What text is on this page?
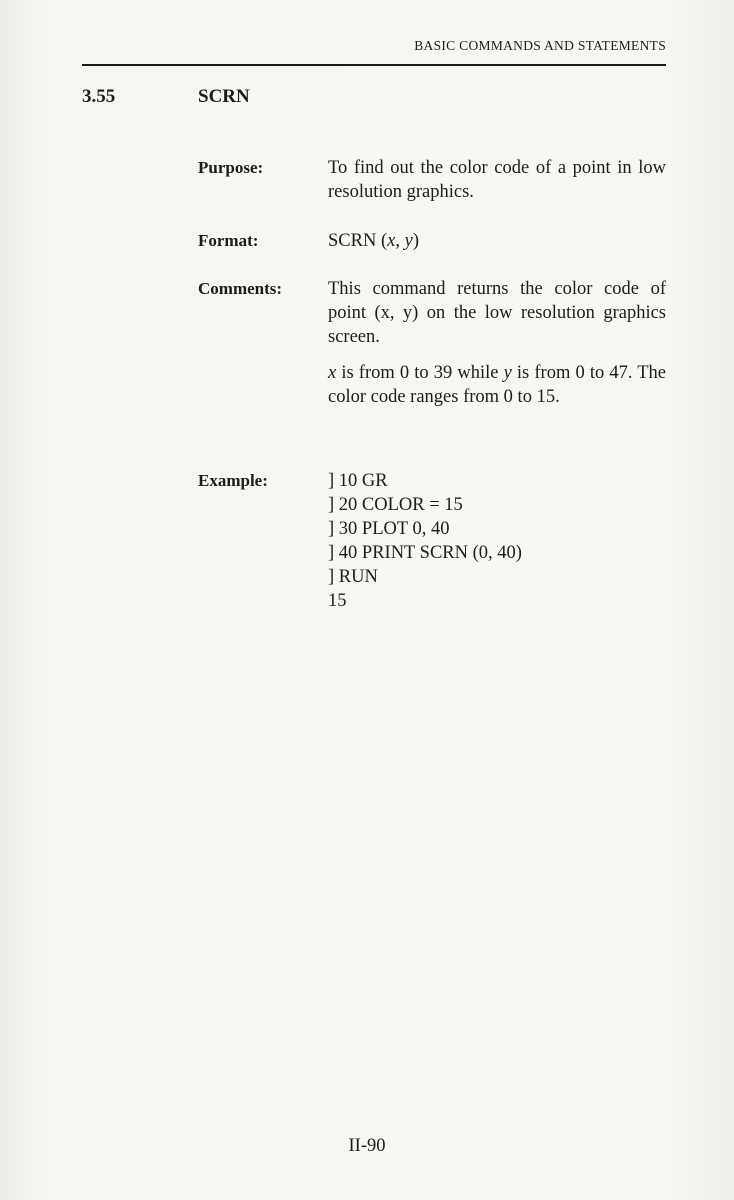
BASIC COMMANDS AND STATEMENTS
3.55	SCRN
Purpose:	To find out the color code of a point in low resolution graphics.

Format:	SCRN (x, y)

Comments:	This command returns the color code of point (x, y) on the low resolution graphics screen.

x is from 0 to 39 while y is from 0 to 47. The color code ranges from 0 to 15.

Example:	] 10 GR
] 20 COLOR = 15
] 30 PLOT 0, 40
] 40 PRINT SCRN (0, 40)
] RUN
15
II-90
